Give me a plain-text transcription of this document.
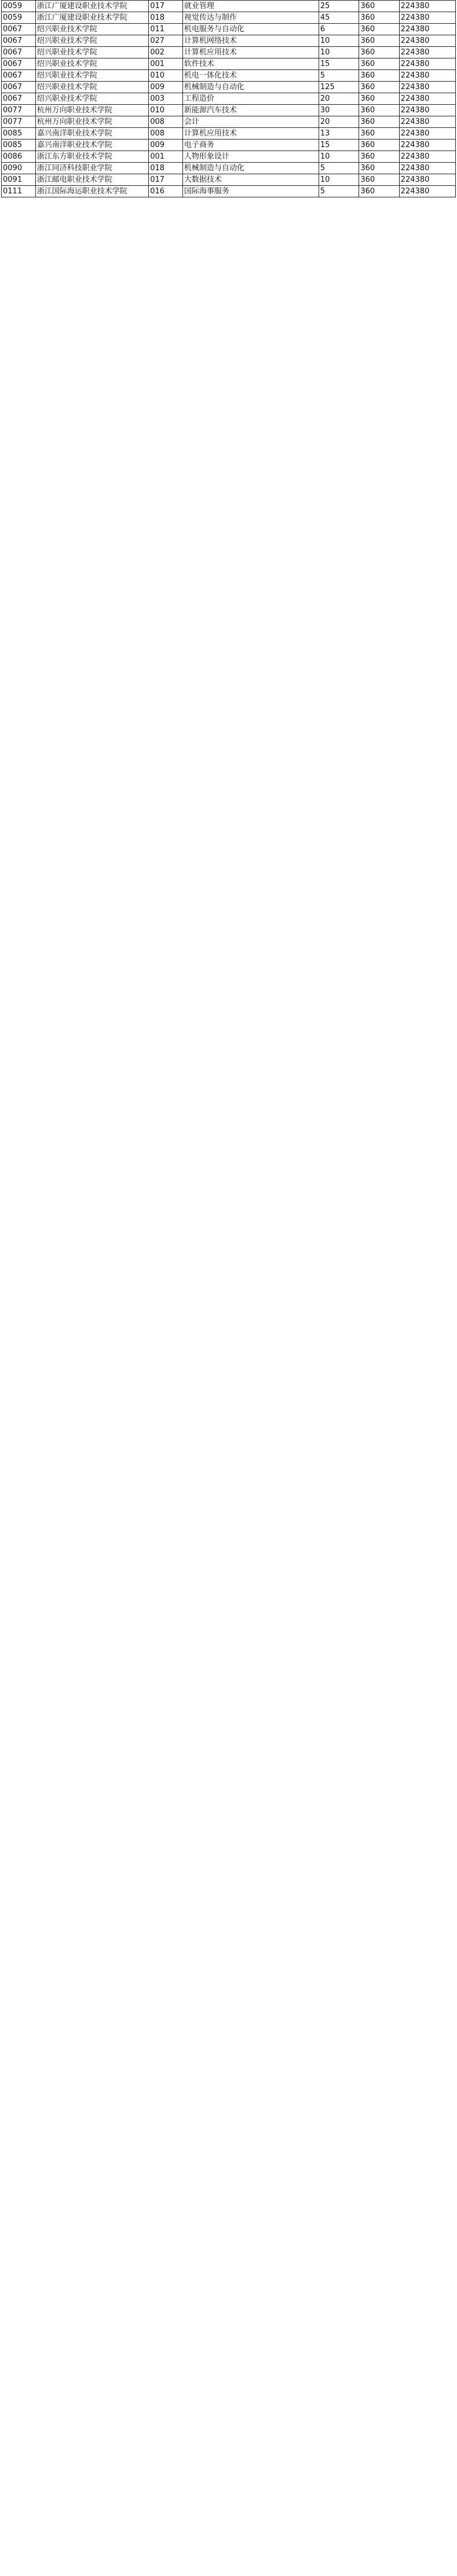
0059	浙江广厦建设职业技术学院	017	就业管理	25	360	224380
0059	浙江广厦建设职业技术学院	018	视觉传达与制作	45	360	224380
0067	绍兴职业技术学院	011	机电服务与自动化	6	360	224380
0067	绍兴职业技术学院	027	计算机网络技术	10	360	224380
0067	绍兴职业技术学院	002	计算机应用技术	10	360	224380
0067	绍兴职业技术学院	001	软件技术	15	360	224380
0067	绍兴职业技术学院	010	机电一体化技术	5	360	224380
0067	绍兴职业技术学院	009	机械制造与自动化	125	360	224380
0067	绍兴职业技术学院	003	工程造价	20	360	224380
0077	杭州万向职业技术学院	010	新能源汽车技术	30	360	224380
0077	杭州万向职业技术学院	008	会计	20	360	224380
0085	嘉兴南洋职业技术学院	008	计算机应用技术	13	360	224380
0085	嘉兴南洋职业技术学院	009	电子商务	15	360	224380
0086	浙江东方职业技术学院	001	人物形象设计	10	360	224380
0090	浙江同济科技职业学院	018	机械制造与自动化	5	360	224380
0091	浙江邮电职业技术学院	017	大数据技术	10	360	224380
0111	浙江国际海运职业技术学院	016	国际海事服务	5	360	224380
